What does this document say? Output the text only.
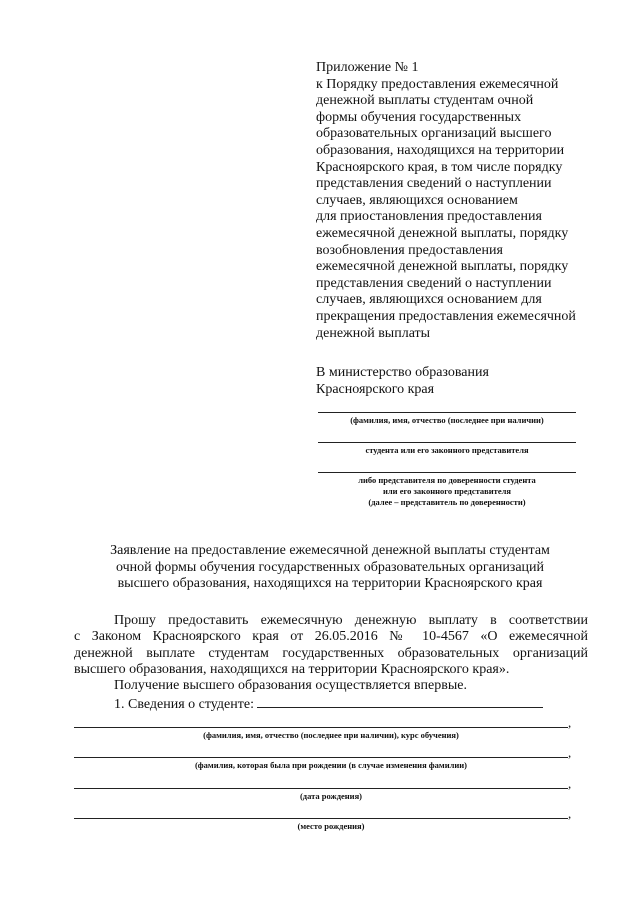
Приложение № 1
к Порядку предоставления ежемесячной
денежной выплаты студентам очной
формы обучения государственных
образовательных организаций высшего
образования, находящихся на территории
Красноярского края, в том числе порядку
представления сведений о наступлении
случаев, являющихся основанием
для приостановления предоставления
ежемесячной денежной выплаты, порядку
возобновления предоставления
ежемесячной денежной выплаты, порядку
представления сведений о наступлении
случаев, являющихся основанием для
прекращения предоставления ежемесячной
денежной выплаты
В министерство образования
Красноярского края
(фамилия, имя, отчество (последнее при наличии)
студента или его законного представителя
либо представителя по доверенности студента
или его законного представителя
(далее – представитель по доверенности)
Заявление на предоставление ежемесячной денежной выплаты студентам
очной формы обучения государственных образовательных организаций
высшего образования, находящихся на территории Красноярского края
Прошу предоставить ежемесячную денежную выплату в соответствии
с Законом Красноярского края от 26.05.2016 № 10-4567 «О ежемесячной
денежной выплате студентам государственных образовательных организаций
высшего образования, находящихся на территории Красноярского края».
Получение высшего образования осуществляется впервые.
1. Сведения о студенте:
,
(фамилия, имя, отчество (последнее при наличии), курс обучения)
,
(фамилия, которая была при рождении (в случае изменения фамилии)
,
(дата рождения)
,
(место рождения)
